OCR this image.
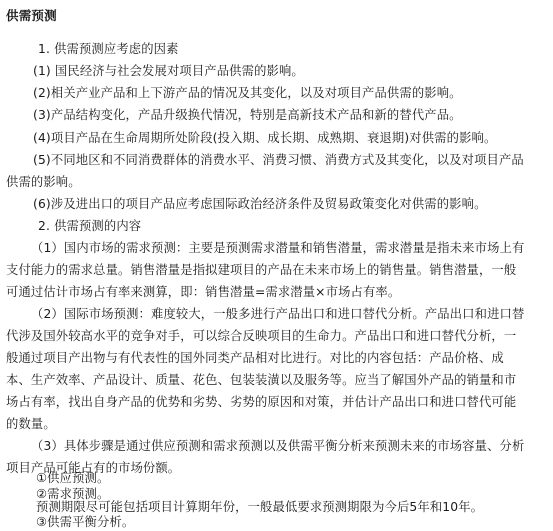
供需预测
1. 供需预测应考虑的因素
(1) 国民经济与社会发展对项目产品供需的影响。
(2)相关产业产品和上下游产品的情况及其变化，以及对项目产品供需的影响。
(3)产品结构变化，产品升级换代情况，特别是高新技术产品和新的替代产品。
(4)项目产品在生命周期所处阶段(投入期、成长期、成熟期、衰退期)对供需的影响。
(5)不同地区和不同消费群体的消费水平、消费习惯、消费方式及其变化，以及对项目产品
供需的影响。
(6)涉及进出口的项目产品应考虑国际政治经济条件及贸易政策变化对供需的影响。
2. 供需预测的内容
（1）国内市场的需求预测：主要是预测需求潜量和销售潜量，需求潜量是指未来市场上有
支付能力的需求总量。销售潜量是指拟建项目的产品在未来市场上的销售量。销售潜量，一般
可通过估计市场占有率来测算，即：销售潜量=需求潜量×市场占有率。
（2）国际市场预测：难度较大，一般多进行产品出口和进口替代分析。产品出口和进口替
代涉及国外较高水平的竞争对手，可以综合反映项目的生命力。产品出口和进口替代分析，一
般通过项目产出物与有代表性的国外同类产品相对比进行。对比的内容包括：产品价格、成
本、生产效率、产品设计、质量、花色、包装装潢以及服务等。应当了解国外产品的销量和市
场占有率，找出自身产品的优势和劣势、劣势的原因和对策，并估计产品出口和进口替代可能
的数量。
（3）具体步骤是通过供应预测和需求预测以及供需平衡分析来预测未来的市场容量、分析
项目产品可能占有的市场份额。
①供应预测。
②需求预测。
预测期限尽可能包括项目计算期年份，一般最低要求预测期限为今后5年和10年。
③供需平衡分析。
